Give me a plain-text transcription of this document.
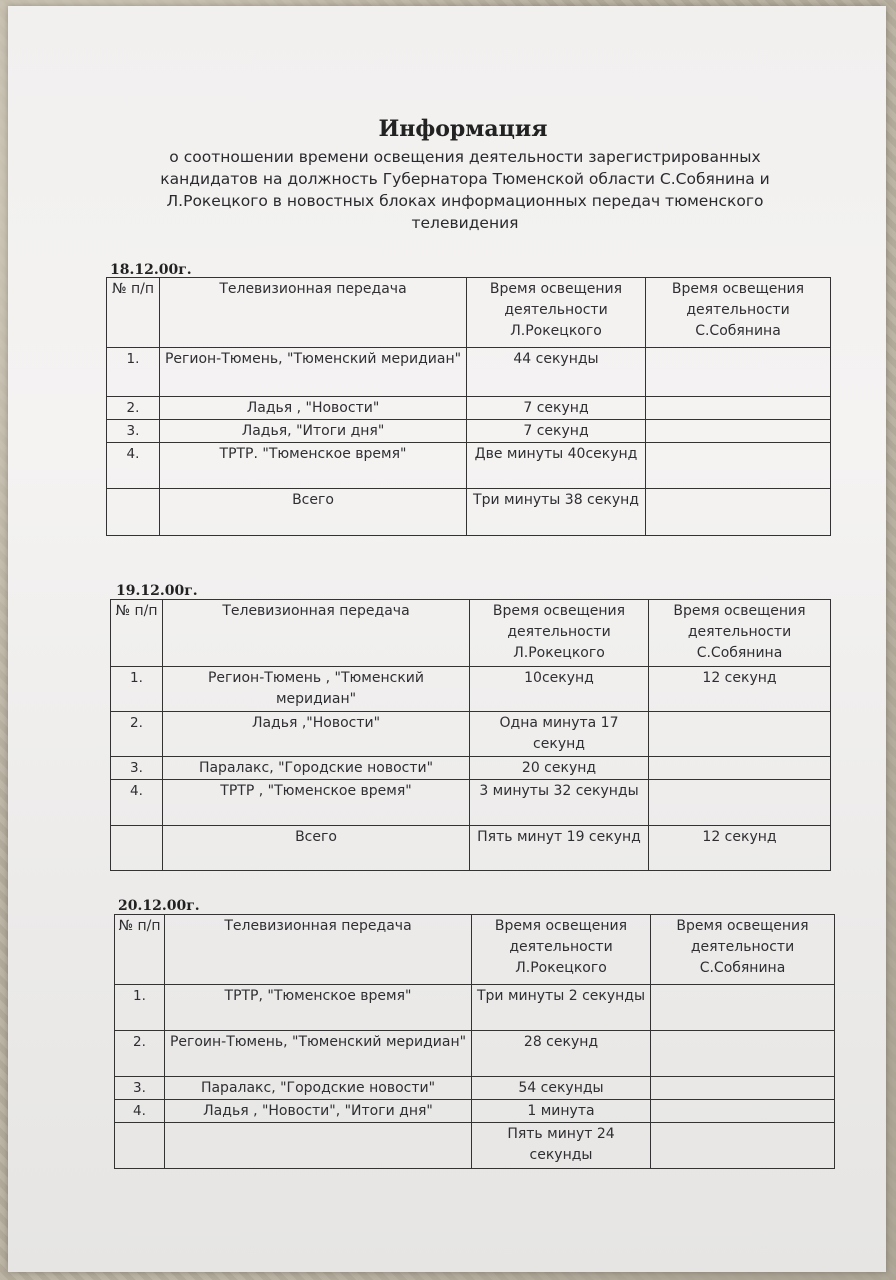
Информация
о соотношении времени освещения деятельности зарегистрированных кандидатов на должность Губернатора Тюменской области С.Собянина и Л.Рокецкого в новостных блоках информационных передач тюменского телевидения
18.12.00г.
№ п/п	Телевизионная передача	Время освещения деятельности Л.Рокецкого	Время освещения деятельности С.Собянина
1.	Регион-Тюмень, "Тюменский меридиан"	44 секунды	
2.	Ладья , "Новости"	7 секунд	
3.	Ладья, "Итоги дня"	7 секунд	
4.	ТРТР. "Тюменское время"	Две минуты 40секунд	
	Всего	Три минуты 38 секунд	
19.12.00г.
№ п/п	Телевизионная передача	Время освещения деятельности Л.Рокецкого	Время освещения деятельности С.Собянина
1.	Регион-Тюмень , "Тюменский меридиан"	10секунд	12 секунд
2.	Ладья ,"Новости"	Одна минута 17 секунд	
3.	Паралакс, "Городские новости"	20 секунд	
4.	ТРТР , "Тюменское время"	3 минуты 32 секунды	
	Всего	Пять минут 19 секунд	12 секунд
20.12.00г.
№ п/п	Телевизионная передача	Время освещения деятельности Л.Рокецкого	Время освещения деятельности С.Собянина
1.	ТРТР, "Тюменское время"	Три минуты 2 секунды	
2.	Регоин-Тюмень, "Тюменский меридиан"	28 секунд	
3.	Паралакс, "Городские новости"	54 секунды	
4.	Ладья , "Новости", "Итоги дня"	1 минута	
		Пять минут 24 секунды	
